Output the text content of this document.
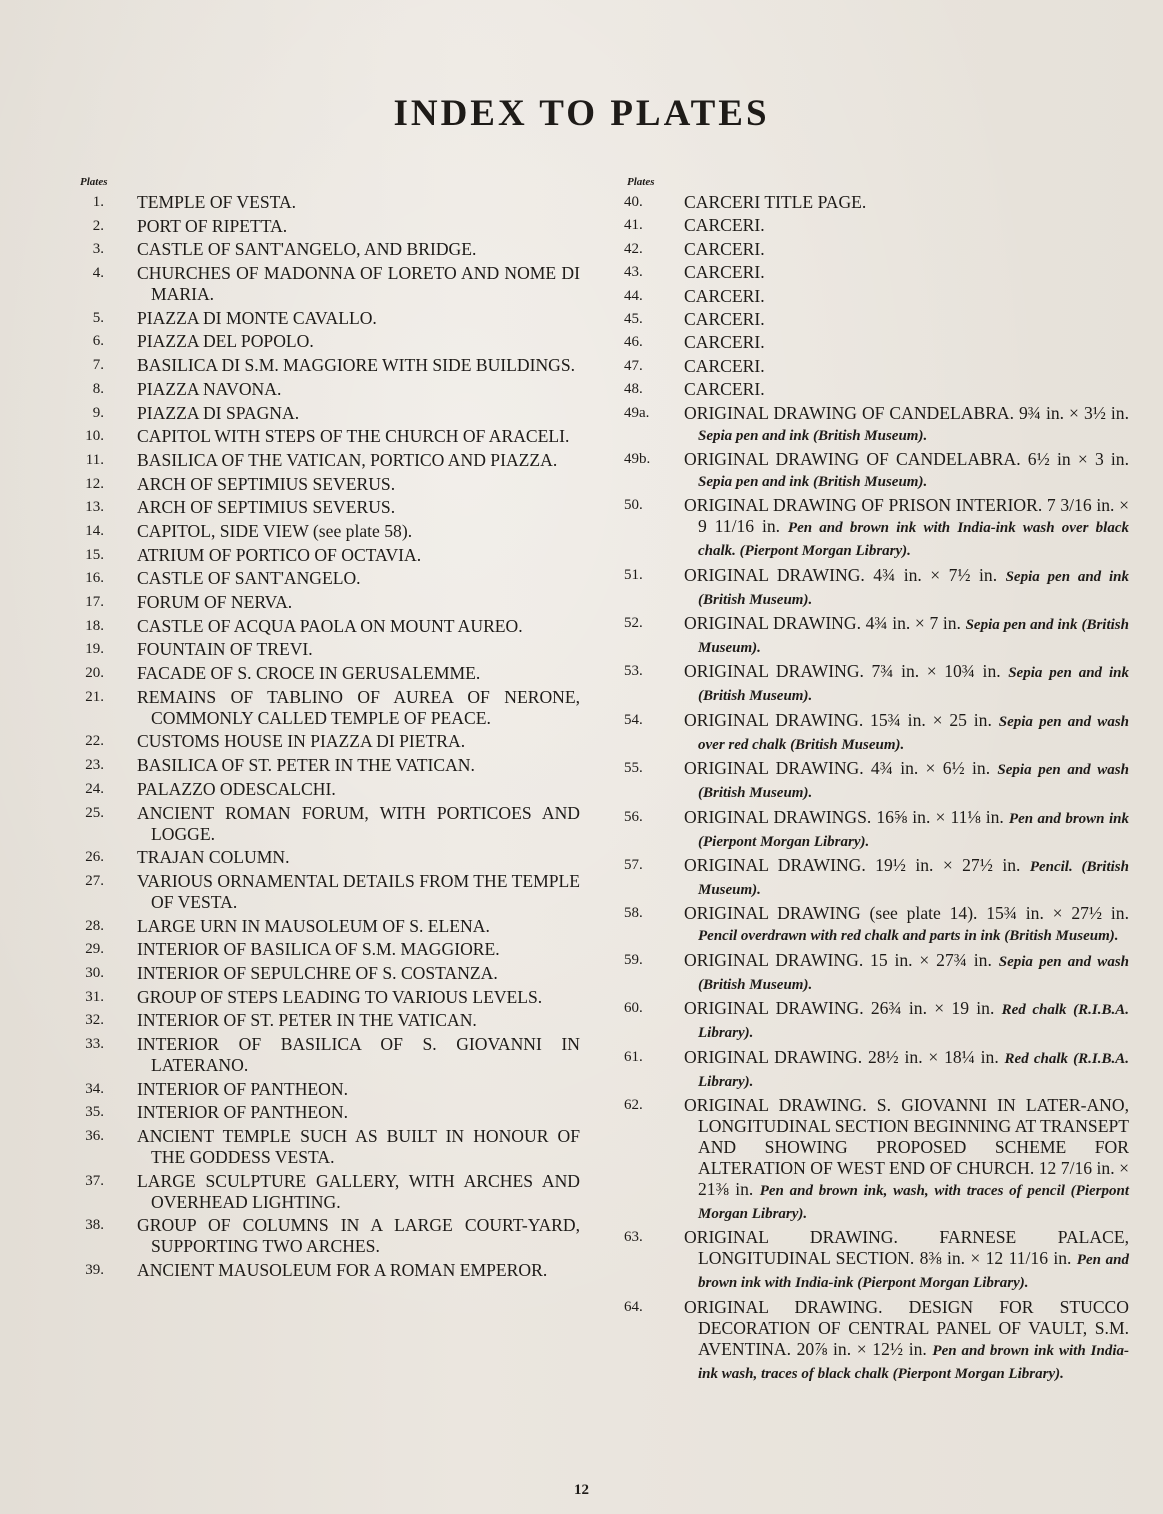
INDEX TO PLATES
Plates
1. TEMPLE OF VESTA.
2. PORT OF RIPETTA.
3. CASTLE OF SANT'ANGELO, AND BRIDGE.
4. CHURCHES OF MADONNA OF LORETO AND NOME DI MARIA.
5. PIAZZA DI MONTE CAVALLO.
6. PIAZZA DEL POPOLO.
7. BASILICA DI S.M. MAGGIORE WITH SIDE BUILDINGS.
8. PIAZZA NAVONA.
9. PIAZZA DI SPAGNA.
10. CAPITOL WITH STEPS OF THE CHURCH OF ARACELI.
11. BASILICA OF THE VATICAN, PORTICO AND PIAZZA.
12. ARCH OF SEPTIMIUS SEVERUS.
13. ARCH OF SEPTIMIUS SEVERUS.
14. CAPITOL, SIDE VIEW (see plate 58).
15. ATRIUM OF PORTICO OF OCTAVIA.
16. CASTLE OF SANT'ANGELO.
17. FORUM OF NERVA.
18. CASTLE OF ACQUA PAOLA ON MOUNT AUREO.
19. FOUNTAIN OF TREVI.
20. FACADE OF S. CROCE IN GERUSALEMME.
21. REMAINS OF TABLINO OF AUREA OF NERONE, COMMONLY CALLED TEMPLE OF PEACE.
22. CUSTOMS HOUSE IN PIAZZA DI PIETRA.
23. BASILICA OF ST. PETER IN THE VATICAN.
24. PALAZZO ODESCALCHI.
25. ANCIENT ROMAN FORUM, WITH PORTICOES AND LOGGE.
26. TRAJAN COLUMN.
27. VARIOUS ORNAMENTAL DETAILS FROM THE TEMPLE OF VESTA.
28. LARGE URN IN MAUSOLEUM OF S. ELENA.
29. INTERIOR OF BASILICA OF S.M. MAGGIORE.
30. INTERIOR OF SEPULCHRE OF S. COSTANZA.
31. GROUP OF STEPS LEADING TO VARIOUS LEVELS.
32. INTERIOR OF ST. PETER IN THE VATICAN.
33. INTERIOR OF BASILICA OF S. GIOVANNI IN LATERANO.
34. INTERIOR OF PANTHEON.
35. INTERIOR OF PANTHEON.
36. ANCIENT TEMPLE SUCH AS BUILT IN HONOUR OF THE GODDESS VESTA.
37. LARGE SCULPTURE GALLERY, WITH ARCHES AND OVERHEAD LIGHTING.
38. GROUP OF COLUMNS IN A LARGE COURT-YARD, SUPPORTING TWO ARCHES.
39. ANCIENT MAUSOLEUM FOR A ROMAN EMPEROR.
Plates
40.	CARCERI TITLE PAGE.
41.	CARCERI.
42.	CARCERI.
43.	CARCERI.
44.	CARCERI.
45.	CARCERI.
46.	CARCERI.
47.	CARCERI.
48.	CARCERI.
49a.	ORIGINAL DRAWING OF CANDELABRA. 9¾ in. × 3½ in. Sepia pen and ink (British Museum).
49b.	ORIGINAL DRAWING OF CANDELABRA. 6½ in × 3 in. Sepia pen and ink (British Museum).
50.	ORIGINAL DRAWING OF PRISON INTERIOR. 7 3/16 in. × 9 11/16 in. Pen and brown ink with India-ink wash over black chalk. (Pierpont Morgan Library).
51.	ORIGINAL DRAWING. 4¾ in. × 7½ in. Sepia pen and ink (British Museum).
52.	ORIGINAL DRAWING. 4¾ in. × 7 in. Sepia pen and ink (British Museum).
53.	ORIGINAL DRAWING. 7¾ in. × 10¾ in. Sepia pen and ink (British Museum).
54.	ORIGINAL DRAWING. 15¾ in. × 25 in. Sepia pen and wash over red chalk (British Museum).
55.	ORIGINAL DRAWING. 4¾ in. × 6½ in. Sepia pen and wash (British Museum).
56.	ORIGINAL DRAWINGS. 16⅝ in. × 11⅛ in. Pen and brown ink (Pierpont Morgan Library).
57.	ORIGINAL DRAWING. 19½ in. × 27½ in. Pencil. (British Museum).
58.	ORIGINAL DRAWING (see plate 14). 15¾ in. × 27½ in. Pencil overdrawn with red chalk and parts in ink (British Museum).
59.	ORIGINAL DRAWING. 15 in. × 27¾ in. Sepia pen and wash (British Museum).
60.	ORIGINAL DRAWING. 26¾ in. × 19 in. Red chalk (R.I.B.A. Library).
61.	ORIGINAL DRAWING. 28½ in. × 18¼ in. Red chalk (R.I.B.A. Library).
62.	ORIGINAL DRAWING. S. GIOVANNI IN LATER-ANO, LONGITUDINAL SECTION BEGINNING AT TRANSEPT AND SHOWING PROPOSED SCHEME FOR ALTERATION OF WEST END OF CHURCH. 12 7/16 in. × 21⅜ in. Pen and brown ink, wash, with traces of pencil (Pierpont Morgan Library).
63.	ORIGINAL DRAWING. FARNESE PALACE, LONGITUDINAL SECTION. 8⅜ in. × 12 11/16 in. Pen and brown ink with India-ink (Pierpont Morgan Library).
64.	ORIGINAL DRAWING. DESIGN FOR STUCCO DECORATION OF CENTRAL PANEL OF VAULT, S.M. AVENTINA. 20⅞ in. × 12½ in. Pen and brown ink with India-ink wash, traces of black chalk (Pierpont Morgan Library).
12
